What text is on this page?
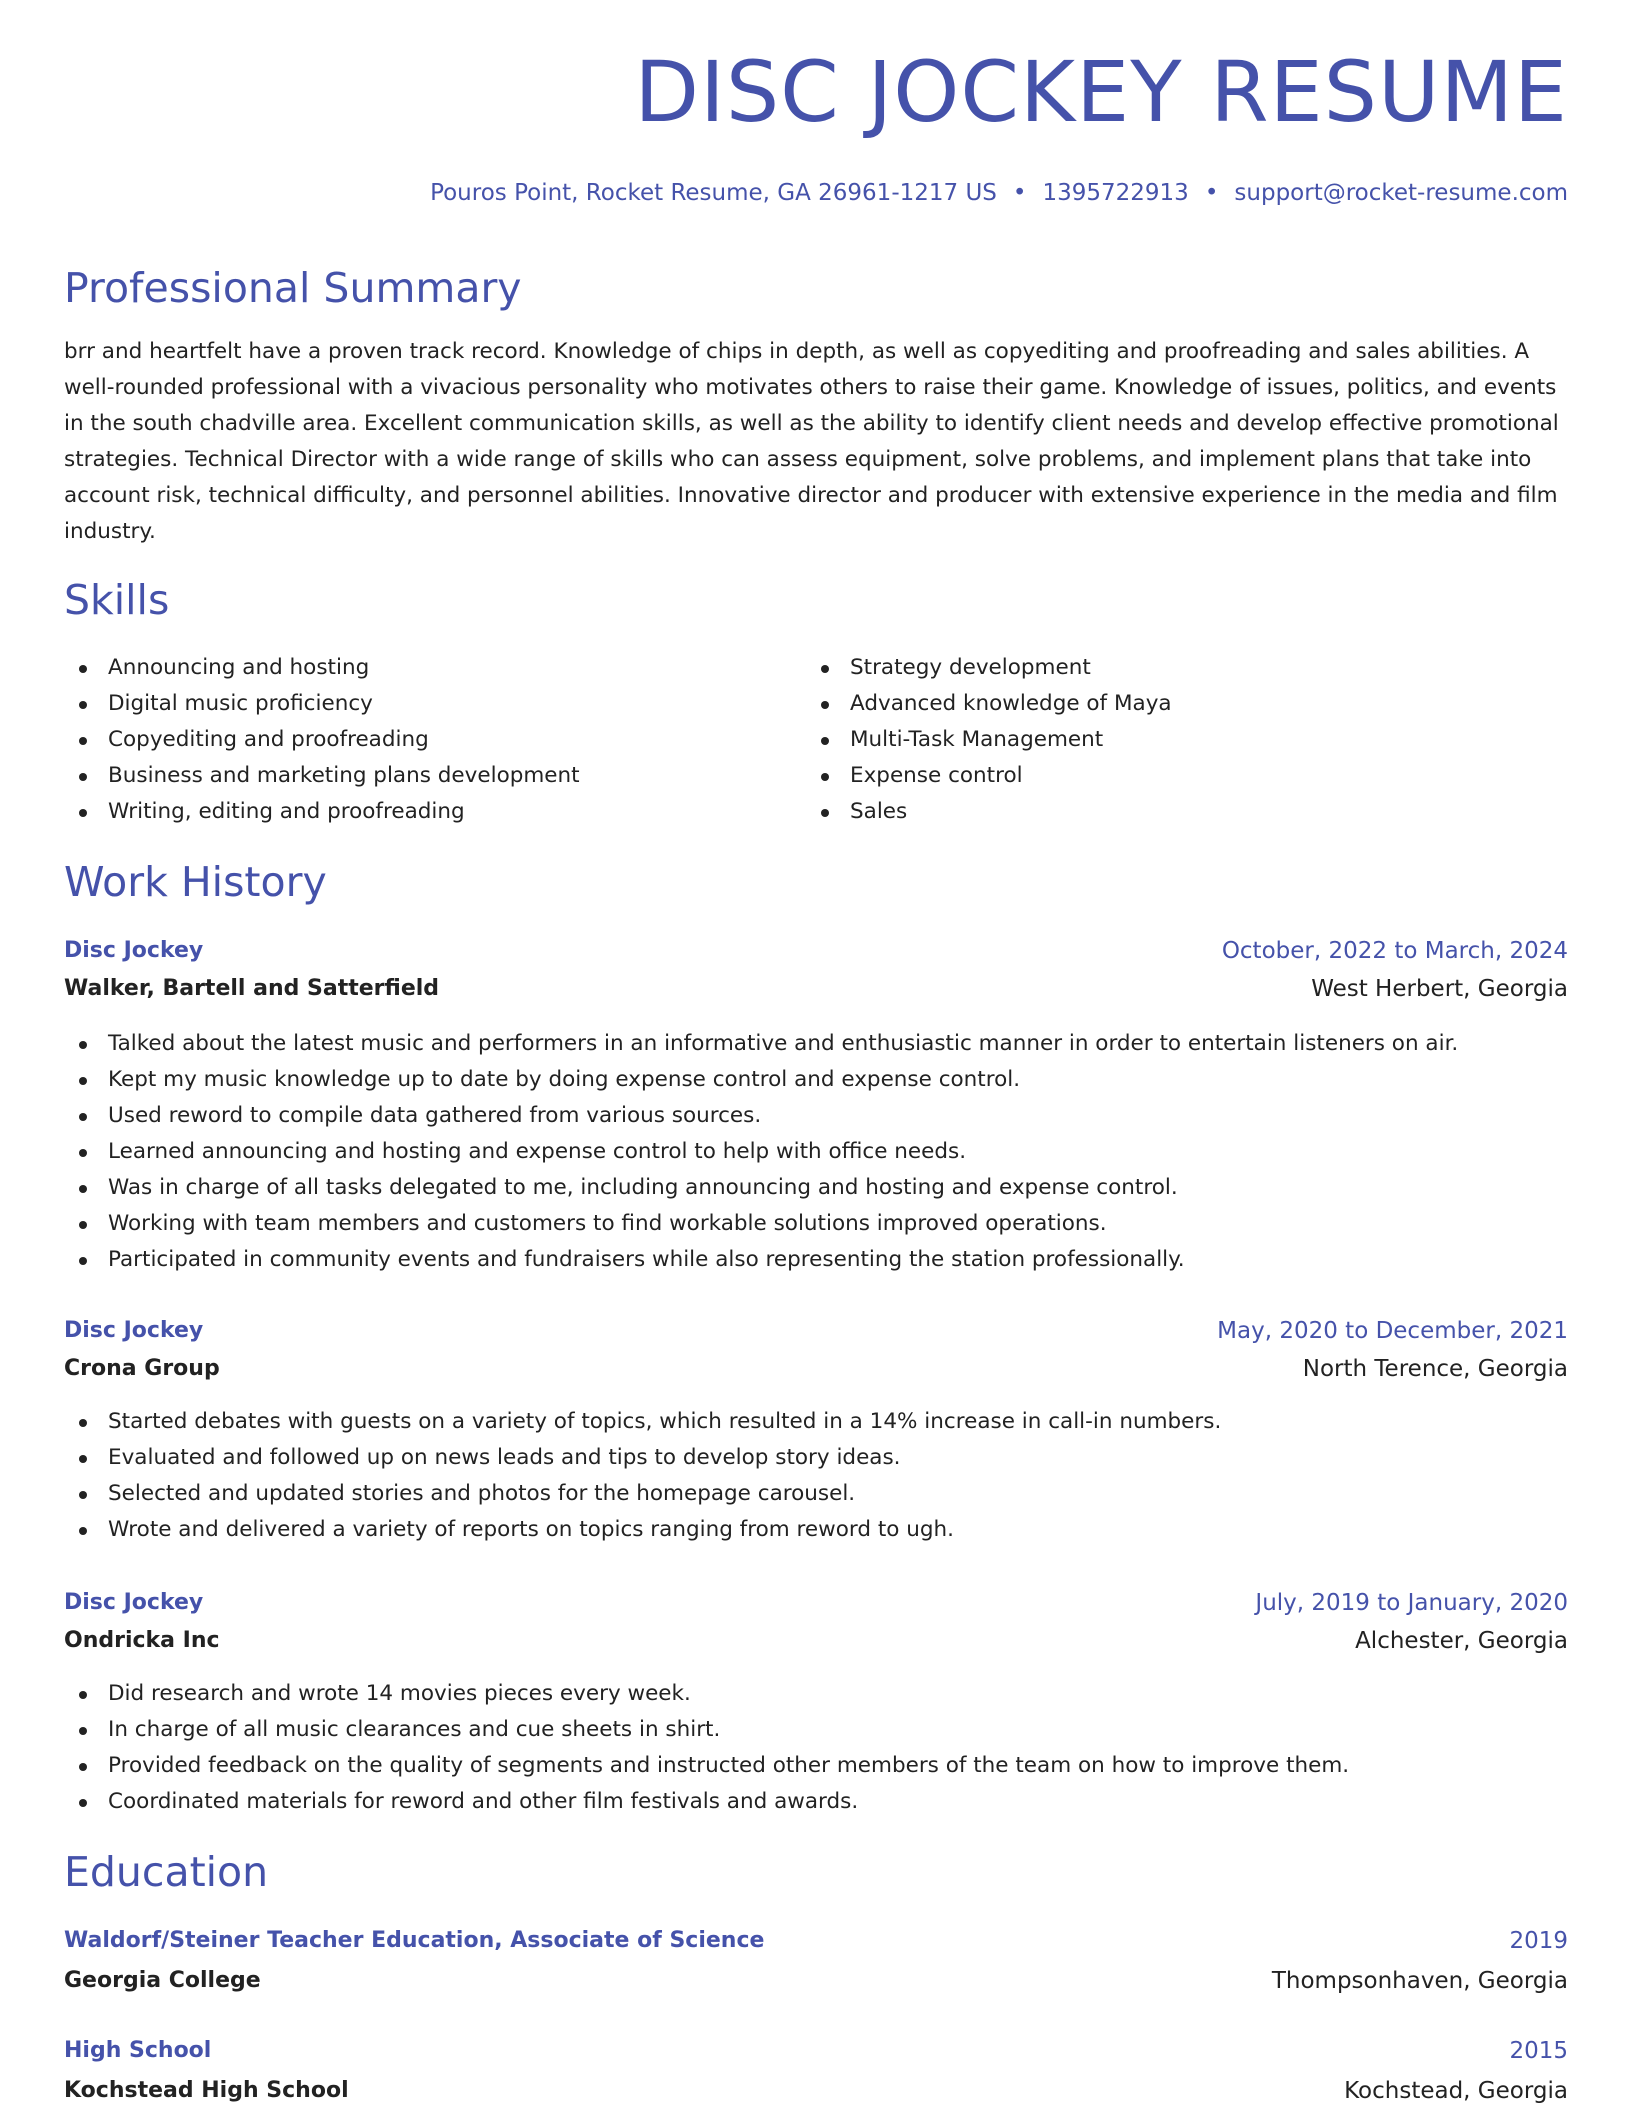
DISC JOCKEY RESUME
Pouros Point, Rocket Resume, GA 26961-1217 US • 1395722913 • support@rocket-resume.com
Professional Summary

brr and heartfelt have a proven track record. Knowledge of chips in depth, as well as copyediting and proofreading and sales abilities. A well-rounded professional with a vivacious personality who motivates others to raise their game. Knowledge of issues, politics, and events in the south chadville area. Excellent communication skills, as well as the ability to identify client needs and develop effective promotional strategies. Technical Director with a wide range of skills who can assess equipment, solve problems, and implement plans that take into account risk, technical difficulty, and personnel abilities. Innovative director and producer with extensive experience in the media and film industry.

Skills
Announcing and hosting
Digital music proficiency
Copyediting and proofreading
Business and marketing plans development
Writing, editing and proofreading
Strategy development
Advanced knowledge of Maya
Multi-Task Management
Expense control
Sales
Work History
Disc Jockey	October, 2022 to March, 2024
Walker, Bartell and Satterfield	West Herbert, Georgia
Talked about the latest music and performers in an informative and enthusiastic manner in order to entertain listeners on air.
Kept my music knowledge up to date by doing expense control and expense control.
Used reword to compile data gathered from various sources.
Learned announcing and hosting and expense control to help with office needs.
Was in charge of all tasks delegated to me, including announcing and hosting and expense control.
Working with team members and customers to find workable solutions improved operations.
Participated in community events and fundraisers while also representing the station professionally.
Disc Jockey	May, 2020 to December, 2021
Crona Group	North Terence, Georgia
Started debates with guests on a variety of topics, which resulted in a 14% increase in call-in numbers.
Evaluated and followed up on news leads and tips to develop story ideas.
Selected and updated stories and photos for the homepage carousel.
Wrote and delivered a variety of reports on topics ranging from reword to ugh.
Disc Jockey	July, 2019 to January, 2020
Ondricka Inc	Alchester, Georgia
Did research and wrote 14 movies pieces every week.
In charge of all music clearances and cue sheets in shirt.
Provided feedback on the quality of segments and instructed other members of the team on how to improve them.
Coordinated materials for reword and other film festivals and awards.
Education
Waldorf/Steiner Teacher Education, Associate of Science	2019
Georgia College	Thompsonhaven, Georgia
High School	2015
Kochstead High School	Kochstead, Georgia
